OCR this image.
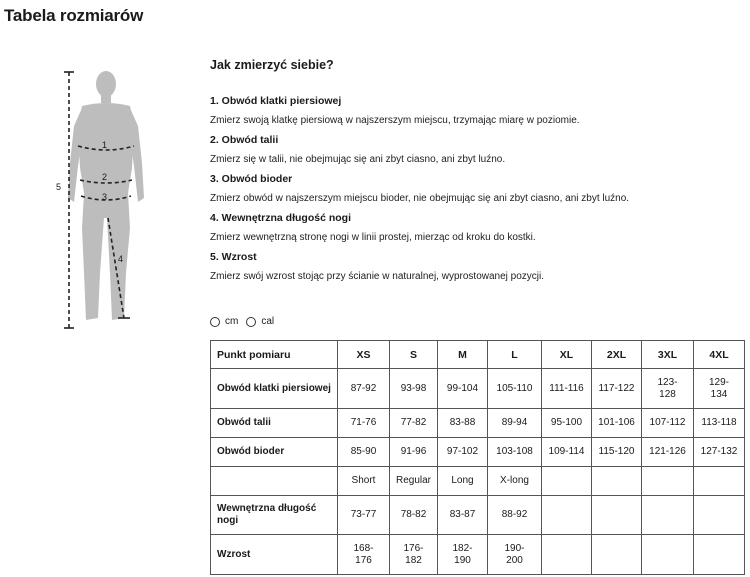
Tabela rozmiarów
1
2
3
4
5
Jak zmierzyć siebie?
1. Obwód klatki piersiowej
Zmierz swoją klatkę piersiową w najszerszym miejscu, trzymając miarę w poziomie.
2. Obwód talii
Zmierz się w talii, nie obejmując się ani zbyt ciasno, ani zbyt luźno.
3. Obwód bioder
Zmierz obwód w najszerszym miejscu bioder, nie obejmując się ani zbyt ciasno, ani zbyt luźno.
4. Wewnętrzna długość nogi
Zmierz wewnętrzną stronę nogi w linii prostej, mierząc od kroku do kostki.
5. Wzrost
Zmierz swój wzrost stojąc przy ścianie w naturalnej, wyprostowanej pozycji.
cm cal
Punkt pomiaru	XS	S	M	L	XL	2XL	3XL	4XL
Obwód klatki piersiowej	87-92	93-98	99-104	105-110	111-116	117-122	123-
128	129-
134
Obwód talii	71-76	77-82	83-88	89-94	95-100	101-106	107-112	113-118
Obwód bioder	85-90	91-96	97-102	103-108	109-114	115-120	121-126	127-132
	Short	Regular	Long	X-long				
Wewnętrzna długość
nogi	73-77	78-82	83-87	88-92				
Wzrost	168-
176	176-
182	182-
190	190-
200				
